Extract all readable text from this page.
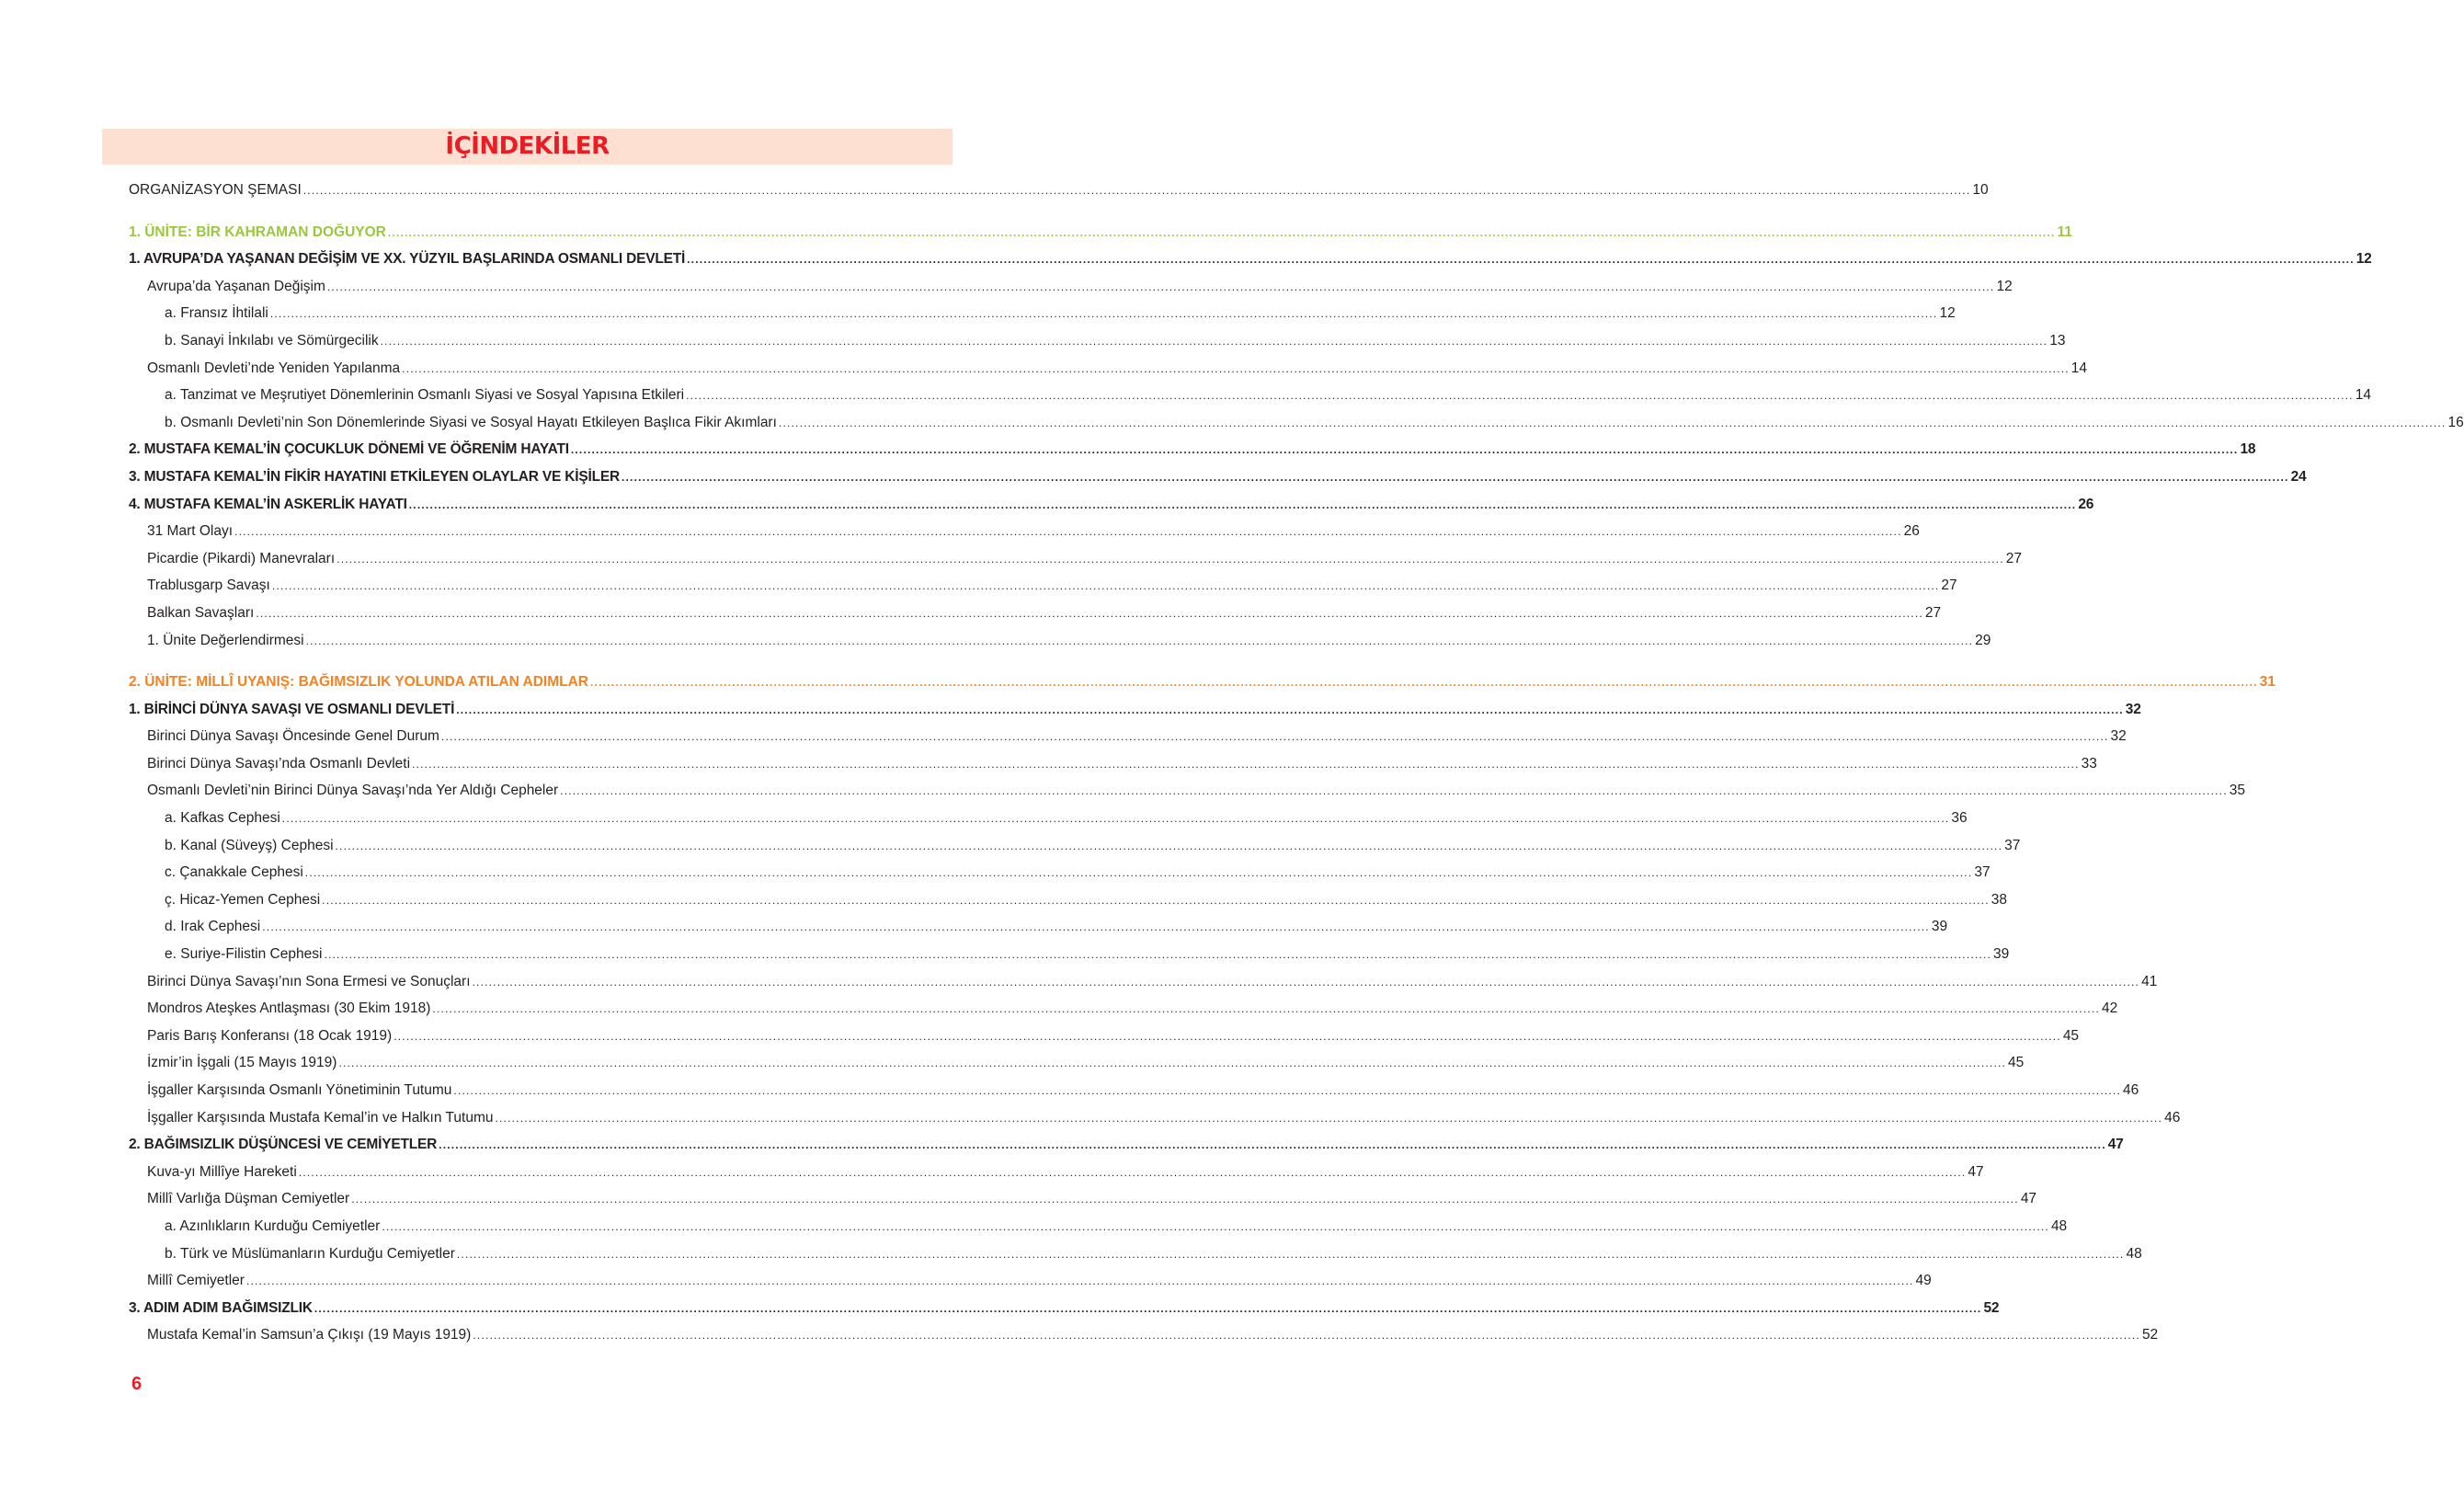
İÇİNDEKİLER
ORGANİZASYON ŞEMASI ................................................................................................................................................................................................................................................................................................................................................................................................................ 10
1. ÜNİTE: BİR KAHRAMAN DOĞUYOR ................................................................................................................................................................................................................................................................................................................................................................................................................ 11
1. AVRUPA’DA YAŞANAN DEĞİŞİM VE XX. YÜZYIL BAŞLARINDA OSMANLI DEVLETİ ................................................................................................................................................................................................................................................................................................................................................................................................................ 12
Avrupa’da Yaşanan Değişim ................................................................................................................................................................................................................................................................................................................................................................................................................ 12
a. Fransız İhtilali ................................................................................................................................................................................................................................................................................................................................................................................................................ 12
b. Sanayi İnkılabı ve Sömürgecilik ................................................................................................................................................................................................................................................................................................................................................................................................................ 13
Osmanlı Devleti’nde Yeniden Yapılanma ................................................................................................................................................................................................................................................................................................................................................................................................................ 14
a. Tanzimat ve Meşrutiyet Dönemlerinin Osmanlı Siyasi ve Sosyal Yapısına Etkileri ................................................................................................................................................................................................................................................................................................................................................................................................................ 14
b. Osmanlı Devleti’nin Son Dönemlerinde Siyasi ve Sosyal Hayatı Etkileyen Başlıca Fikir Akımları ................................................................................................................................................................................................................................................................................................................................................................................................................ 16
2. MUSTAFA KEMAL’İN ÇOCUKLUK DÖNEMİ VE ÖĞRENİM HAYATI ................................................................................................................................................................................................................................................................................................................................................................................................................ 18
3. MUSTAFA KEMAL’İN FİKİR HAYATINI ETKİLEYEN OLAYLAR VE KİŞİLER ................................................................................................................................................................................................................................................................................................................................................................................................................ 24
4. MUSTAFA KEMAL’İN ASKERLİK HAYATI ................................................................................................................................................................................................................................................................................................................................................................................................................ 26
31 Mart Olayı ................................................................................................................................................................................................................................................................................................................................................................................................................ 26
Picardie (Pikardi) Manevraları ................................................................................................................................................................................................................................................................................................................................................................................................................ 27
Trablusgarp Savaşı ................................................................................................................................................................................................................................................................................................................................................................................................................ 27
Balkan Savaşları ................................................................................................................................................................................................................................................................................................................................................................................................................ 27
1. Ünite Değerlendirmesi ................................................................................................................................................................................................................................................................................................................................................................................................................ 29
2. ÜNİTE: MİLLÎ UYANIŞ: BAĞIMSIZLIK YOLUNDA ATILAN ADIMLAR ................................................................................................................................................................................................................................................................................................................................................................................................................ 31
1. BİRİNCİ DÜNYA SAVAŞI VE OSMANLI DEVLETİ ................................................................................................................................................................................................................................................................................................................................................................................................................ 32
Birinci Dünya Savaşı Öncesinde Genel Durum ................................................................................................................................................................................................................................................................................................................................................................................................................ 32
Birinci Dünya Savaşı’nda Osmanlı Devleti ................................................................................................................................................................................................................................................................................................................................................................................................................ 33
Osmanlı Devleti’nin Birinci Dünya Savaşı’nda Yer Aldığı Cepheler ................................................................................................................................................................................................................................................................................................................................................................................................................ 35
a. Kafkas Cephesi ................................................................................................................................................................................................................................................................................................................................................................................................................ 36
b. Kanal (Süveyş) Cephesi ................................................................................................................................................................................................................................................................................................................................................................................................................ 37
c. Çanakkale Cephesi ................................................................................................................................................................................................................................................................................................................................................................................................................ 37
ç. Hicaz-Yemen Cephesi ................................................................................................................................................................................................................................................................................................................................................................................................................ 38
d. Irak Cephesi ................................................................................................................................................................................................................................................................................................................................................................................................................ 39
e. Suriye-Filistin Cephesi ................................................................................................................................................................................................................................................................................................................................................................................................................ 39
Birinci Dünya Savaşı’nın Sona Ermesi ve Sonuçları ................................................................................................................................................................................................................................................................................................................................................................................................................ 41
Mondros Ateşkes Antlaşması (30 Ekim 1918) ................................................................................................................................................................................................................................................................................................................................................................................................................ 42
Paris Barış Konferansı (18 Ocak 1919) ................................................................................................................................................................................................................................................................................................................................................................................................................ 45
İzmir’in İşgali (15 Mayıs 1919) ................................................................................................................................................................................................................................................................................................................................................................................................................ 45
İşgaller Karşısında Osmanlı Yönetiminin Tutumu ................................................................................................................................................................................................................................................................................................................................................................................................................ 46
İşgaller Karşısında Mustafa Kemal’in ve Halkın Tutumu ................................................................................................................................................................................................................................................................................................................................................................................................................ 46
2. BAĞIMSIZLIK DÜŞÜNCESİ VE CEMİYETLER ................................................................................................................................................................................................................................................................................................................................................................................................................ 47
Kuva-yı Millîye Hareketi ................................................................................................................................................................................................................................................................................................................................................................................................................ 47
Millî Varlığa Düşman Cemiyetler ................................................................................................................................................................................................................................................................................................................................................................................................................ 47
a. Azınlıkların Kurduğu Cemiyetler ................................................................................................................................................................................................................................................................................................................................................................................................................ 48
b. Türk ve Müslümanların Kurduğu Cemiyetler ................................................................................................................................................................................................................................................................................................................................................................................................................ 48
Millî Cemiyetler ................................................................................................................................................................................................................................................................................................................................................................................................................ 49
3. ADIM ADIM BAĞIMSIZLIK ................................................................................................................................................................................................................................................................................................................................................................................................................ 52
Mustafa Kemal’in Samsun’a Çıkışı (19 Mayıs 1919) ................................................................................................................................................................................................................................................................................................................................................................................................................ 52

6
